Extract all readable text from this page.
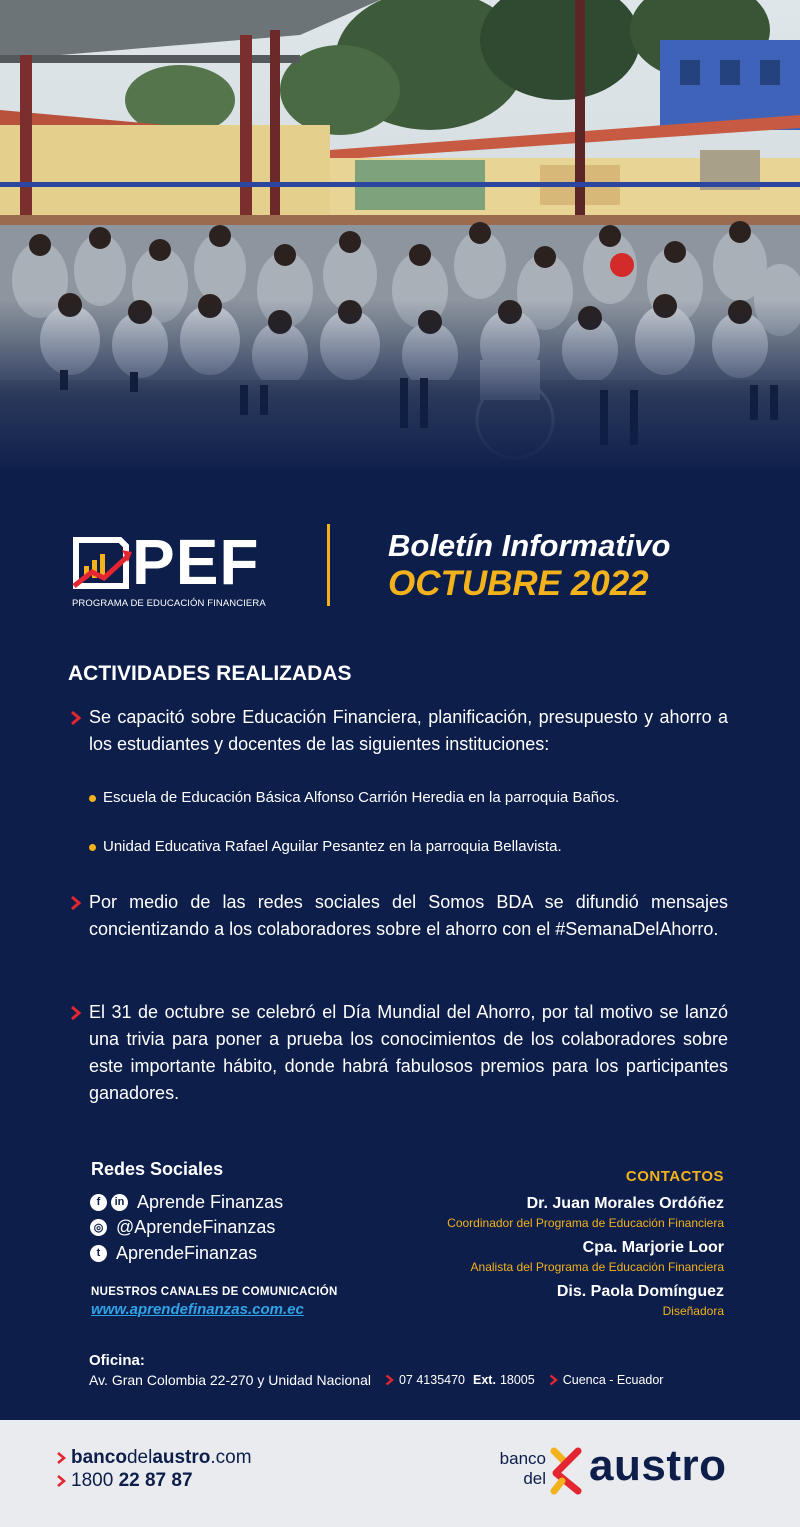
PEF
PROGRAMA DE EDUCACIÓN FINANCIERA
Boletín Informativo
OCTUBRE 2022
ACTIVIDADES REALIZADAS
Se capacitó sobre Educación Financiera, planificación, presupuesto y ahorro a los estudiantes y docentes de las siguientes instituciones:
Escuela de Educación Básica Alfonso Carrión Heredia en la parroquia Baños.
Unidad Educativa Rafael Aguilar Pesantez en la parroquia Bellavista.
Por medio de las redes sociales del Somos BDA se difundió mensajes concientizando a los colaboradores sobre el ahorro con el #SemanaDelAhorro.
El 31 de octubre se celebró el Día Mundial del Ahorro, por tal motivo se lanzó una trivia para poner a prueba los conocimientos de los colaboradores sobre este importante hábito, donde habrá fabulosos premios para los participantes ganadores.
Redes Sociales
f	in Aprende Finanzas
◎ @AprendeFinanzas
t AprendeFinanzas
NUESTROS CANALES DE COMUNICACIÓN
www.aprendefinanzas.com.ec
CONTACTOS
Dr. Juan Morales Ordóñez
Coordinador del Programa de Educación Financiera
Cpa. Marjorie Loor
Analista del Programa de Educación Financiera
Dis. Paola Domínguez
Diseñadora
Oficina:
Av. Gran Colombia 22-270 y Unidad Nacional 07 4135470 Ext. 18005 Cuenca - Ecuador
banco del austro .com
1800
22 87 87
banco
del austro
